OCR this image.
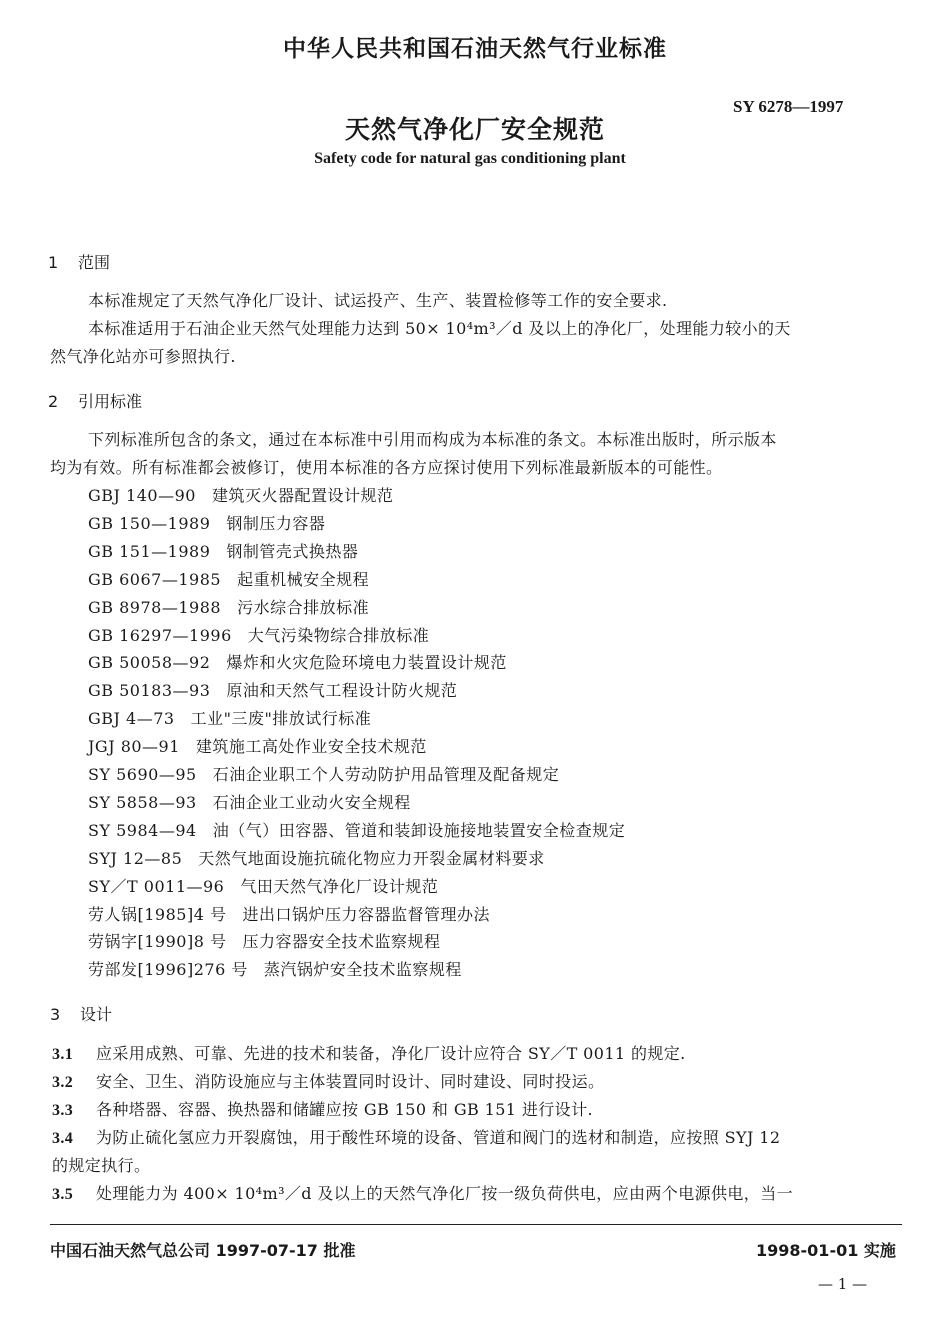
中华人民共和国石油天然气行业标准
SY 6278—1997
天然气净化厂安全规范
Safety code for natural gas conditioning plant
1 范围
本标准规定了天然气净化厂设计、试运投产、生产、装置检修等工作的安全要求.
本标准适用于石油企业天然气处理能力达到 50× 10⁴m³／d 及以上的净化厂，处理能力较小的天
然气净化站亦可参照执行.
2 引用标准
下列标准所包含的条文，通过在本标准中引用而构成为本标准的条文。本标准出版时，所示版本
均为有效。所有标准都会被修订，使用本标准的各方应探讨使用下列标准最新版本的可能性。
GBJ 140—90 建筑灭火器配置设计规范
GB 150—1989 钢制压力容器
GB 151—1989 钢制管壳式换热器
GB 6067—1985 起重机械安全规程
GB 8978—1988 污水综合排放标准
GB 16297—1996 大气污染物综合排放标准
GB 50058—92 爆炸和火灾危险环境电力装置设计规范
GB 50183—93 原油和天然气工程设计防火规范
GBJ 4—73 工业"三废"排放试行标准
JGJ 80—91 建筑施工高处作业安全技术规范
SY 5690—95 石油企业职工个人劳动防护用品管理及配备规定
SY 5858—93 石油企业工业动火安全规程
SY 5984—94 油（气）田容器、管道和装卸设施接地装置安全检查规定
SYJ 12—85 天然气地面设施抗硫化物应力开裂金属材料要求
SY／T 0011—96 气田天然气净化厂设计规范
劳人锅[1985]4 号 进出口锅炉压力容器监督管理办法
劳锅字[1990]8 号 压力容器安全技术监察规程
劳部发[1996]276 号 蒸汽锅炉安全技术监察规程
3 设计
3.1 应采用成熟、可靠、先进的技术和装备，净化厂设计应符合 SY／T 0011 的规定.
3.2 安全、卫生、消防设施应与主体装置同时设计、同时建设、同时投运。
3.3 各种塔器、容器、换热器和储罐应按 GB 150 和 GB 151 进行设计.
3.4 为防止硫化氢应力开裂腐蚀，用于酸性环境的设备、管道和阀门的选材和制造，应按照 SYJ 12
的规定执行。
3.5 处理能力为 400× 10⁴m³／d 及以上的天然气净化厂按一级负荷供电，应由两个电源供电，当一
中国石油天然气总公司 1997-07-17 批准	1998-01-01 实施
— 1 —
